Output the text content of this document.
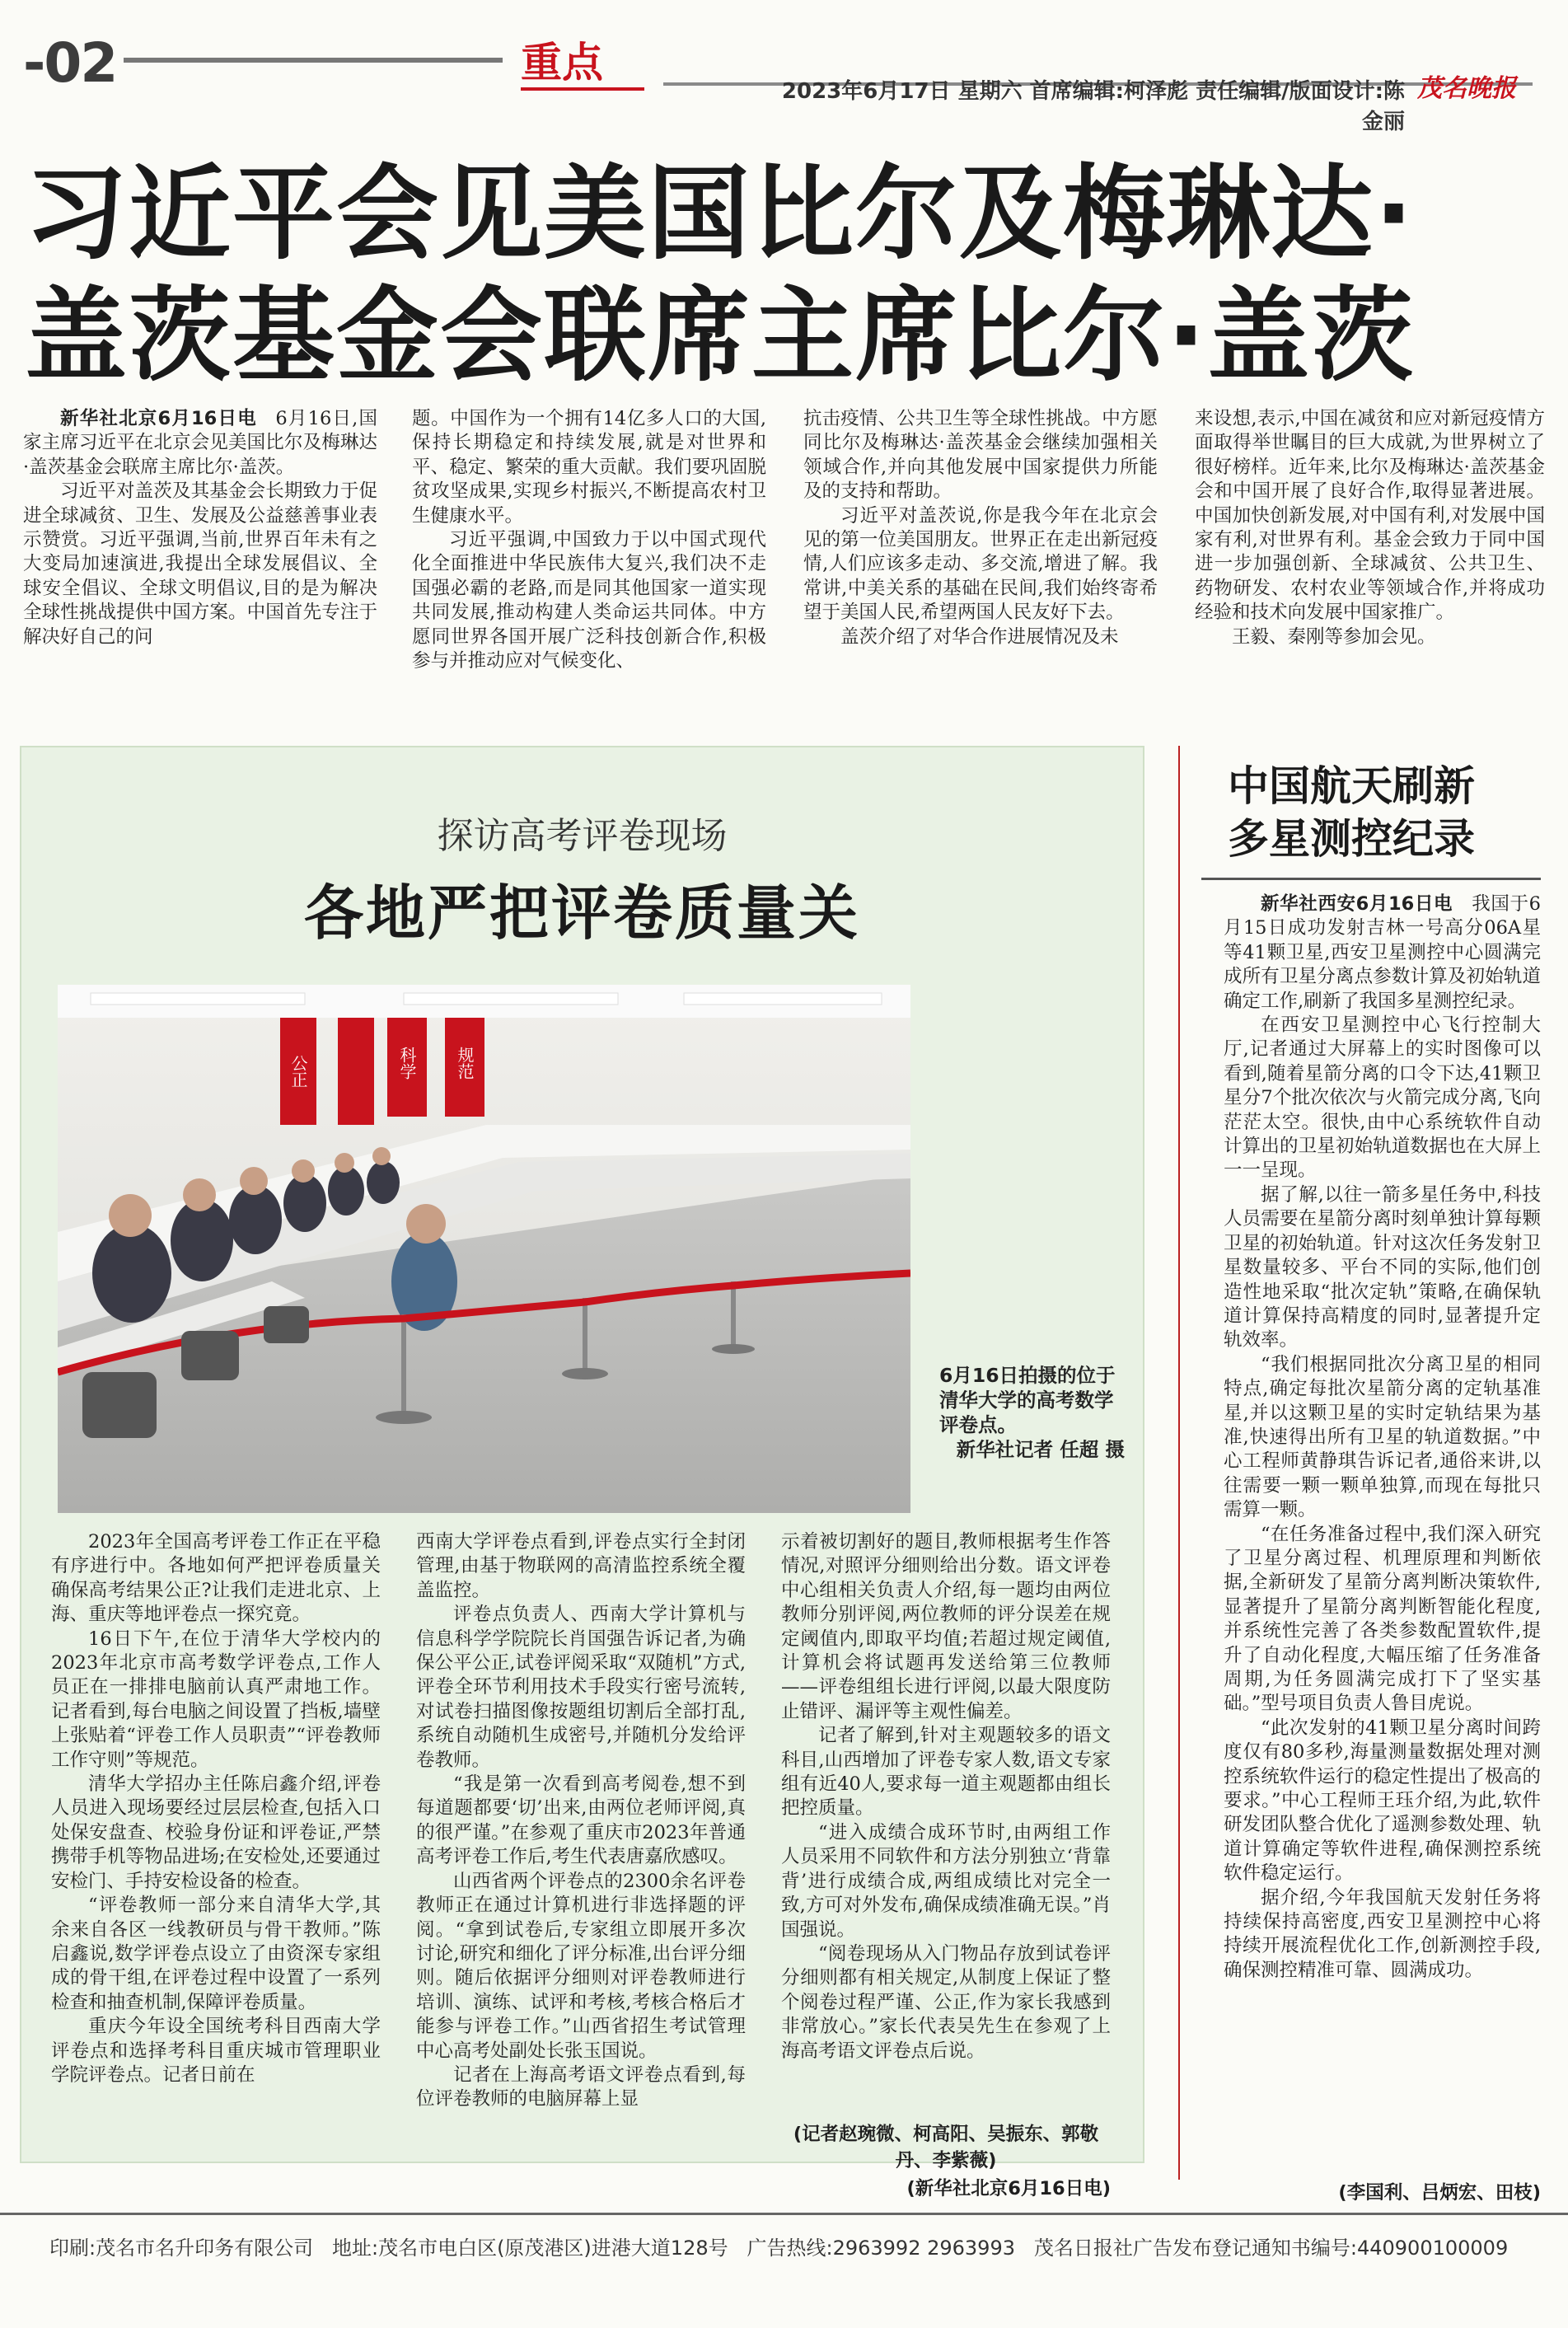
-02	重点
2023年6月17日 星期六 首席编辑:柯泽彪 责任编辑/版面设计:陈金丽
茂名晚报
习近平会见美国比尔及梅琳达·
盖茨基金会联席主席比尔·盖茨

新华社北京6月16日电  6月16日,国家主席习近平在北京会见美国比尔及梅琳达·盖茨基金会联席主席比尔·盖茨。

习近平对盖茨及其基金会长期致力于促进全球减贫、卫生、发展及公益慈善事业表示赞赏。习近平强调,当前,世界百年未有之大变局加速演进,我提出全球发展倡议、全球安全倡议、全球文明倡议,目的是为解决全球性挑战提供中国方案。中国首先专注于解决好自己的问

题。中国作为一个拥有14亿多人口的大国,保持长期稳定和持续发展,就是对世界和平、稳定、繁荣的重大贡献。我们要巩固脱贫攻坚成果,实现乡村振兴,不断提高农村卫生健康水平。

习近平强调,中国致力于以中国式现代化全面推进中华民族伟大复兴,我们决不走国强必霸的老路,而是同其他国家一道实现共同发展,推动构建人类命运共同体。中方愿同世界各国开展广泛科技创新合作,积极参与并推动应对气候变化、

抗击疫情、公共卫生等全球性挑战。中方愿同比尔及梅琳达·盖茨基金会继续加强相关领域合作,并向其他发展中国家提供力所能及的支持和帮助。

习近平对盖茨说,你是我今年在北京会见的第一位美国朋友。世界正在走出新冠疫情,人们应该多走动、多交流,增进了解。我常讲,中美关系的基础在民间,我们始终寄希望于美国人民,希望两国人民友好下去。

盖茨介绍了对华合作进展情况及未

来设想,表示,中国在减贫和应对新冠疫情方面取得举世瞩目的巨大成就,为世界树立了很好榜样。近年来,比尔及梅琳达·盖茨基金会和中国开展了良好合作,取得显著进展。中国加快创新发展,对中国有利,对发展中国家有利,对世界有利。基金会致力于同中国进一步加强创新、全球减贫、公共卫生、药物研发、农村农业等领域合作,并将成功经验和技术向发展中国家推广。

王毅、秦刚等参加会见。

探访高考评卷现场
各地严把评卷质量关
公正	科学 规范
6月16日拍摄的位于清华大学的高考数学评卷点。
新华社记者 任超 摄

2023年全国高考评卷工作正在平稳有序进行中。各地如何严把评卷质量关确保高考结果公正?让我们走进北京、上海、重庆等地评卷点一探究竟。

16日下午,在位于清华大学校内的2023年北京市高考数学评卷点,工作人员正在一排排电脑前认真严肃地工作。记者看到,每台电脑之间设置了挡板,墙壁上张贴着“评卷工作人员职责”“评卷教师工作守则”等规范。

清华大学招办主任陈启鑫介绍,评卷人员进入现场要经过层层检查,包括入口处保安盘查、校验身份证和评卷证,严禁携带手机等物品进场;在安检处,还要通过安检门、手持安检设备的检查。

“评卷教师一部分来自清华大学,其余来自各区一线教研员与骨干教师。”陈启鑫说,数学评卷点设立了由资深专家组成的骨干组,在评卷过程中设置了一系列检查和抽查机制,保障评卷质量。

重庆今年设全国统考科目西南大学评卷点和选择考科目重庆城市管理职业学院评卷点。记者日前在

西南大学评卷点看到,评卷点实行全封闭管理,由基于物联网的高清监控系统全覆盖监控。

评卷点负责人、西南大学计算机与信息科学学院院长肖国强告诉记者,为确保公平公正,试卷评阅采取“双随机”方式,评卷全环节利用技术手段实行密号流转,对试卷扫描图像按题组切割后全部打乱,系统自动随机生成密号,并随机分发给评卷教师。

“我是第一次看到高考阅卷,想不到每道题都要‘切’出来,由两位老师评阅,真的很严谨。”在参观了重庆市2023年普通高考评卷工作后,考生代表唐嘉欣感叹。

山西省两个评卷点的2300余名评卷教师正在通过计算机进行非选择题的评阅。“拿到试卷后,专家组立即展开多次讨论,研究和细化了评分标准,出台评分细则。随后依据评分细则对评卷教师进行培训、演练、试评和考核,考核合格后才能参与评卷工作。”山西省招生考试管理中心高考处副处长张玉国说。

记者在上海高考语文评卷点看到,每位评卷教师的电脑屏幕上显

示着被切割好的题目,教师根据考生作答情况,对照评分细则给出分数。语文评卷中心组相关负责人介绍,每一题均由两位教师分别评阅,两位教师的评分误差在规定阈值内,即取平均值;若超过规定阈值,计算机会将试题再发送给第三位教师——评卷组组长进行评阅,以最大限度防止错评、漏评等主观性偏差。

记者了解到,针对主观题较多的语文科目,山西增加了评卷专家人数,语文专家组有近40人,要求每一道主观题都由组长把控质量。

“进入成绩合成环节时,由两组工作人员采用不同软件和方法分别独立‘背靠背’进行成绩合成,两组成绩比对完全一致,方可对外发布,确保成绩准确无误。”肖国强说。

“阅卷现场从入门物品存放到试卷评分细则都有相关规定,从制度上保证了整个阅卷过程严谨、公正,作为家长我感到非常放心。”家长代表吴先生在参观了上海高考语文评卷点后说。

(记者赵琬微、柯高阳、吴振东、郭敬丹、李紫薇)
(新华社北京6月16日电)
中国航天刷新
多星测控纪录

新华社西安6月16日电  我国于6月15日成功发射吉林一号高分06A星等41颗卫星,西安卫星测控中心圆满完成所有卫星分离点参数计算及初始轨道确定工作,刷新了我国多星测控纪录。

在西安卫星测控中心飞行控制大厅,记者通过大屏幕上的实时图像可以看到,随着星箭分离的口令下达,41颗卫星分7个批次依次与火箭完成分离,飞向茫茫太空。很快,由中心系统软件自动计算出的卫星初始轨道数据也在大屏上一一呈现。

据了解,以往一箭多星任务中,科技人员需要在星箭分离时刻单独计算每颗卫星的初始轨道。针对这次任务发射卫星数量较多、平台不同的实际,他们创造性地采取“批次定轨”策略,在确保轨道计算保持高精度的同时,显著提升定轨效率。

“我们根据同批次分离卫星的相同特点,确定每批次星箭分离的定轨基准星,并以这颗卫星的实时定轨结果为基准,快速得出所有卫星的轨道数据。”中心工程师黄静琪告诉记者,通俗来讲,以往需要一颗一颗单独算,而现在每批只需算一颗。

“在任务准备过程中,我们深入研究了卫星分离过程、机理原理和判断依据,全新研发了星箭分离判断决策软件,显著提升了星箭分离判断智能化程度,并系统性完善了各类参数配置软件,提升了自动化程度,大幅压缩了任务准备周期,为任务圆满完成打下了坚实基础。”型号项目负责人鲁目虎说。

“此次发射的41颗卫星分离时间跨度仅有80多秒,海量测量数据处理对测控系统软件运行的稳定性提出了极高的要求。”中心工程师王珏介绍,为此,软件研发团队整合优化了遥测参数处理、轨道计算确定等软件进程,确保测控系统软件稳定运行。

据介绍,今年我国航天发射任务将持续保持高密度,西安卫星测控中心将持续开展流程优化工作,创新测控手段,确保测控精准可靠、圆满成功。

(李国利、吕炳宏、田枝)
印刷:茂名市名升印务有限公司 地址:茂名市电白区(原茂港区)进港大道128号 广告热线:2963992 2963993 茂名日报社广告发布登记通知书编号:440900100009
